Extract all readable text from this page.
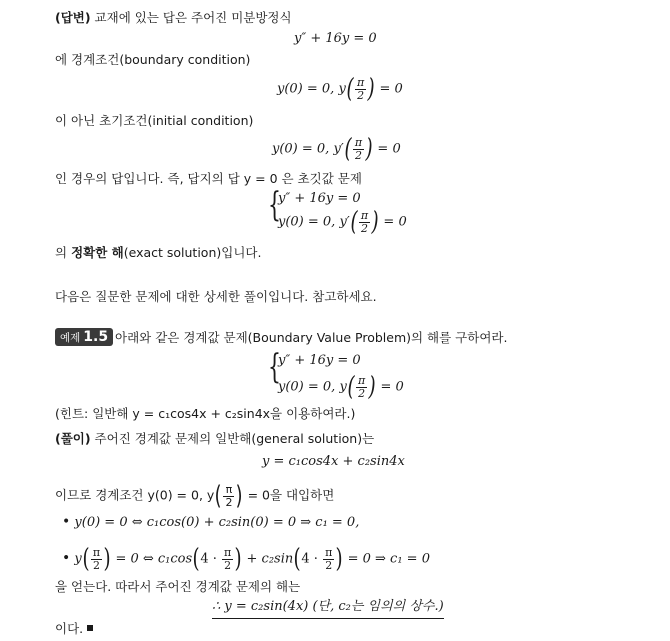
(답변) 교재에 있는 답은 주어진 미분방정식
y″ + 16y = 0
에 경계조건(boundary condition)
y(0) = 0, $y( \frac{\pi}{2}$ ) = 0
이 아닌 초기조건(initial condition)
y(0) = 0, $y'( \frac{\pi}{2}$ ) = 0
인 경우의 답입니다. 즉, 답지의 답 y = 0 은 초깃값 문제
{
y″ + 16y = 0
y(0) = 0, $y'( \frac{\pi}{2}$ ) = 0
의 정확한 해(exact solution)입니다.
다음은 질문한 문제에 대한 상세한 풀이입니다. 참고하세요.
예제 1.5 아래와 같은 경계값 문제(Boundary Value Problem)의 해를 구하여라.
{
y″ + 16y = 0
y(0) = 0, $y( \frac{\pi}{2}$ ) = 0
(힌트: 일반해 y = c₁cos4x + c₂sin4x을 이용하여라.)
(풀이) 주어진 경계값 문제의 일반해(general solution)는
y = c₁cos4x + c₂sin4x
이므로 경계조건 y(0) = 0, $y( \frac{\pi}{2}$ ) = 0을 대입하면
• y(0) = 0 ⇔ c₁cos(0) + c₂sin(0) = 0 ⇒ c₁ = 0,
• $y( \frac{\pi}{2}$ ) = 0 ⇔ $c_1\cos(4 \cdot \frac{\pi}{2}$ ) + $c_2\sin(4 \cdot \frac{\pi}{2}$ ) = 0 ⇒ c₁ = 0
을 얻는다. 따라서 주어진 경계값 문제의 해는
∴ y = c₂sin(4x) (단, c₂는 임의의 상수.)
이다.
